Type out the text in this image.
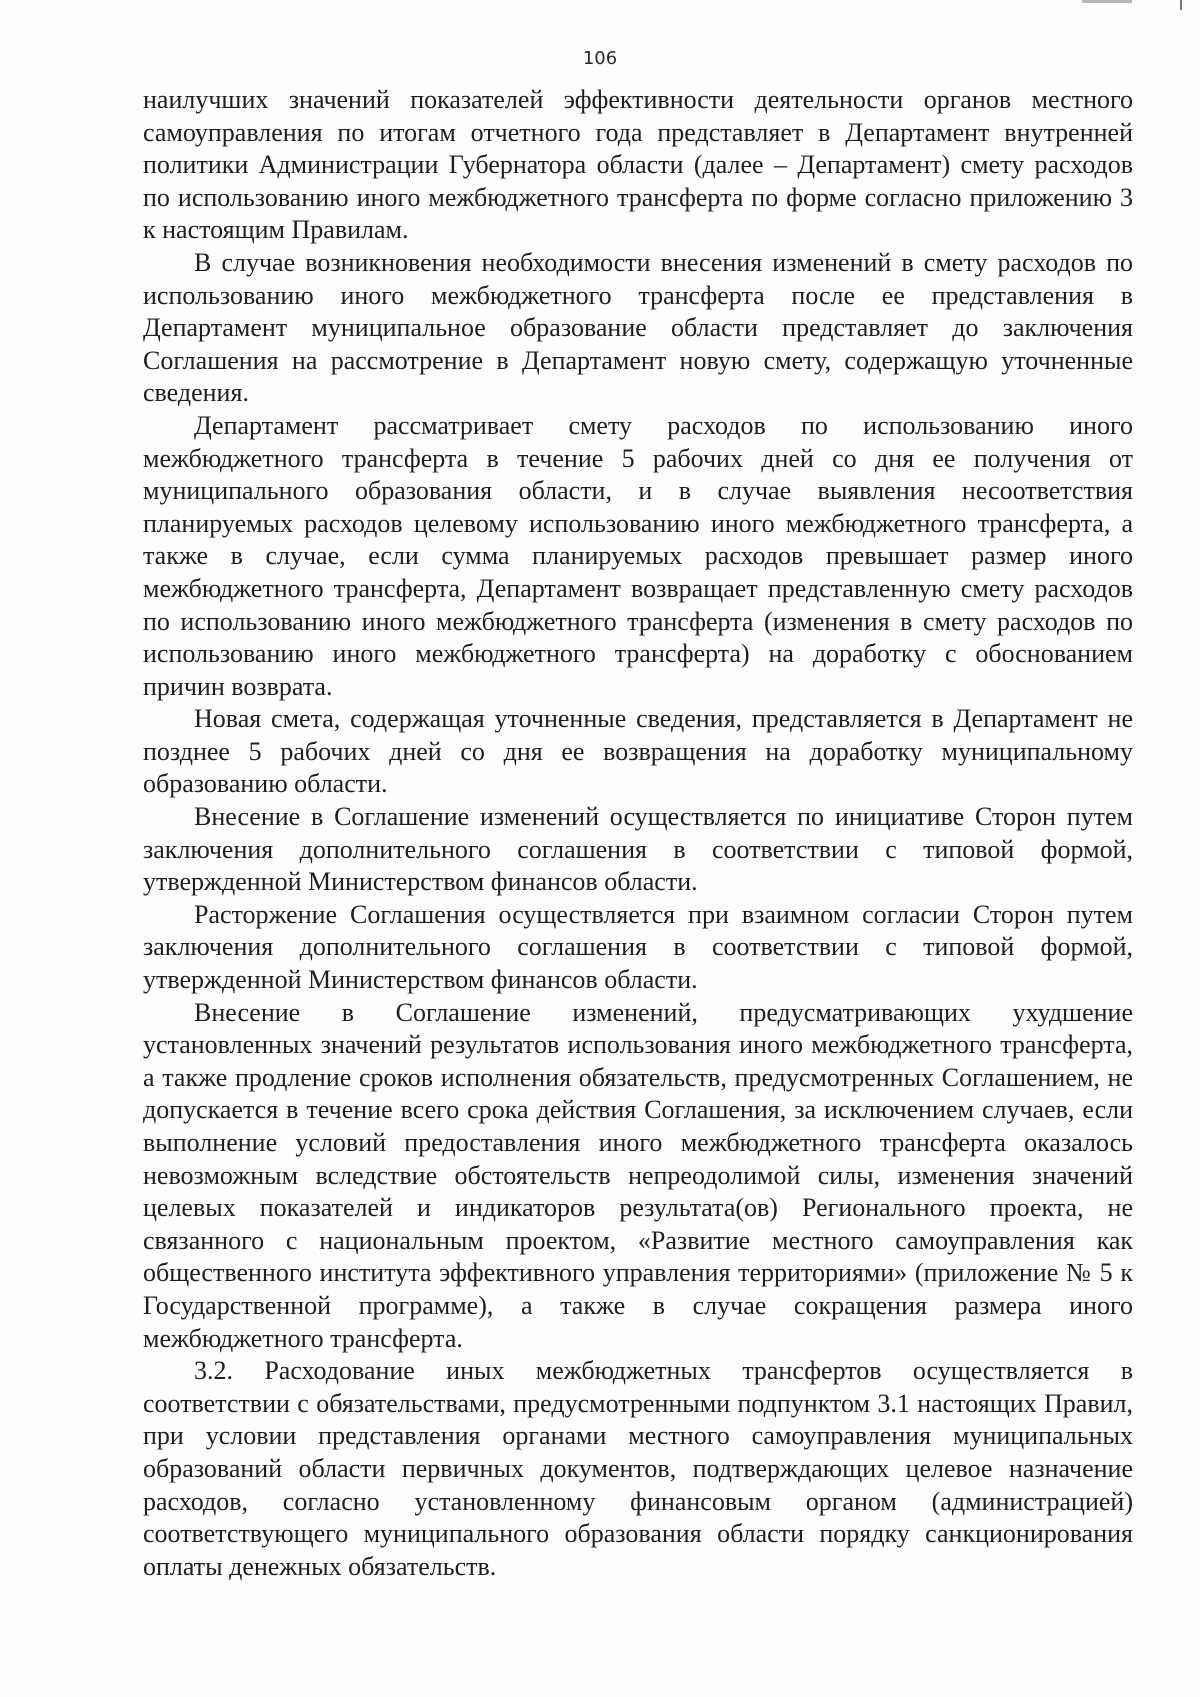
106

наилучших значений показателей эффективности деятельности органов местного самоуправления по итогам отчетного года представляет в Департамент внутренней политики Администрации Губернатора области (далее – Департамент) смету расходов по использованию иного межбюджетного трансферта по форме согласно приложению 3 к настоящим Правилам.

В случае возникновения необходимости внесения изменений в смету расходов по использованию иного межбюджетного трансферта после ее представления в Департамент муниципальное образование области представляет до заключения Соглашения на рассмотрение в Департамент новую смету, содержащую уточненные сведения.

Департамент рассматривает смету расходов по использованию иного межбюджетного трансферта в течение 5 рабочих дней со дня ее получения от муниципального образования области, и в случае выявления несоответствия планируемых расходов целевому использованию иного межбюджетного трансферта, а также в случае, если сумма планируемых расходов превышает размер иного межбюджетного трансферта, Департамент возвращает представленную смету расходов по использованию иного межбюджетного трансферта (изменения в смету расходов по использованию иного межбюджетного трансферта) на доработку с обоснованием причин возврата.

Новая смета, содержащая уточненные сведения, представляется в Департамент не позднее 5 рабочих дней со дня ее возвращения на доработку муниципальному образованию области.

Внесение в Соглашение изменений осуществляется по инициативе Сторон путем заключения дополнительного соглашения в соответствии с типовой формой, утвержденной Министерством финансов области.

Расторжение Соглашения осуществляется при взаимном согласии Сторон путем заключения дополнительного соглашения в соответствии с типовой формой, утвержденной Министерством финансов области.

Внесение в Соглашение изменений, предусматривающих ухудшение установленных значений результатов использования иного межбюджетного трансферта, а также продление сроков исполнения обязательств, предусмотренных Соглашением, не допускается в течение всего срока действия Соглашения, за исключением случаев, если выполнение условий предоставления иного межбюджетного трансферта оказалось невозможным вследствие обстоятельств непреодолимой силы, изменения значений целевых показателей и индикаторов результата(ов) Регионального проекта, не связанного с национальным проектом, «Развитие местного самоуправления как общественного института эффективного управления территориями» (приложение № 5 к Государственной программе), а также в случае сокращения размера иного межбюджетного трансферта.

3.2. Расходование иных межбюджетных трансфертов осуществляется в соответствии с обязательствами, предусмотренными подпунктом 3.1 настоящих Правил, при условии представления органами местного самоуправления муниципальных образований области первичных документов, подтверждающих целевое назначение расходов, согласно установленному финансовым органом (администрацией) соответствующего муниципального образования области порядку санкционирования оплаты денежных обязательств.
